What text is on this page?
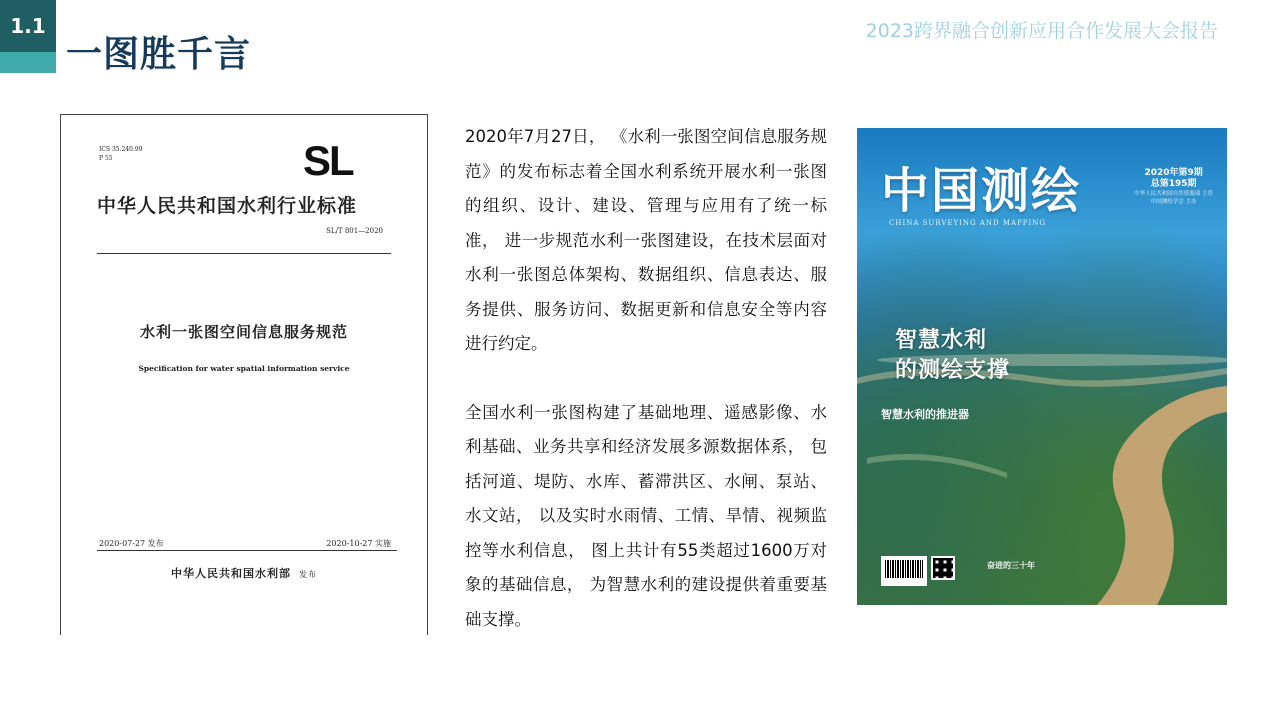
1.1
一图胜千言
2023跨界融合创新应用合作发展大会报告
ICS 35.240.99
P 55	SL
中华人民共和国水利行业标准
SL/T 801—2020
水利一张图空间信息服务规范
Specification for water spatial information service
2020-07-27 发布	2020-10-27 实施
中华人民共和国水利部 发布

2020年7月27日， 《水利一张图空间信息服务规范》的发布标志着全国水利系统开展水利一张图的组织、设计、建设、管理与应用有了统一标准， 进一步规范水利一张图建设，在技术层面对水利一张图总体架构、数据组织、信息表达、服务提供、服务访问、数据更新和信息安全等内容进行约定。

全国水利一张图构建了基础地理、遥感影像、水利基础、业务共享和经济发展多源数据体系， 包括河道、堤防、水库、蓄滞洪区、水闸、泵站、水文站， 以及实时水雨情、工情、旱情、视频监控等水利信息， 图上共计有55类超过1600万对象的基础信息， 为智慧水利的建设提供着重要基础支撑。

中国测绘
CHINA SURVEYING AND MAPPING
2020年第9期
总第195期
中华人民共和国自然资源部 主管
中国测绘学会 主办
智慧水利
的测绘支撑
智慧水利的推进器
奋进的三十年
